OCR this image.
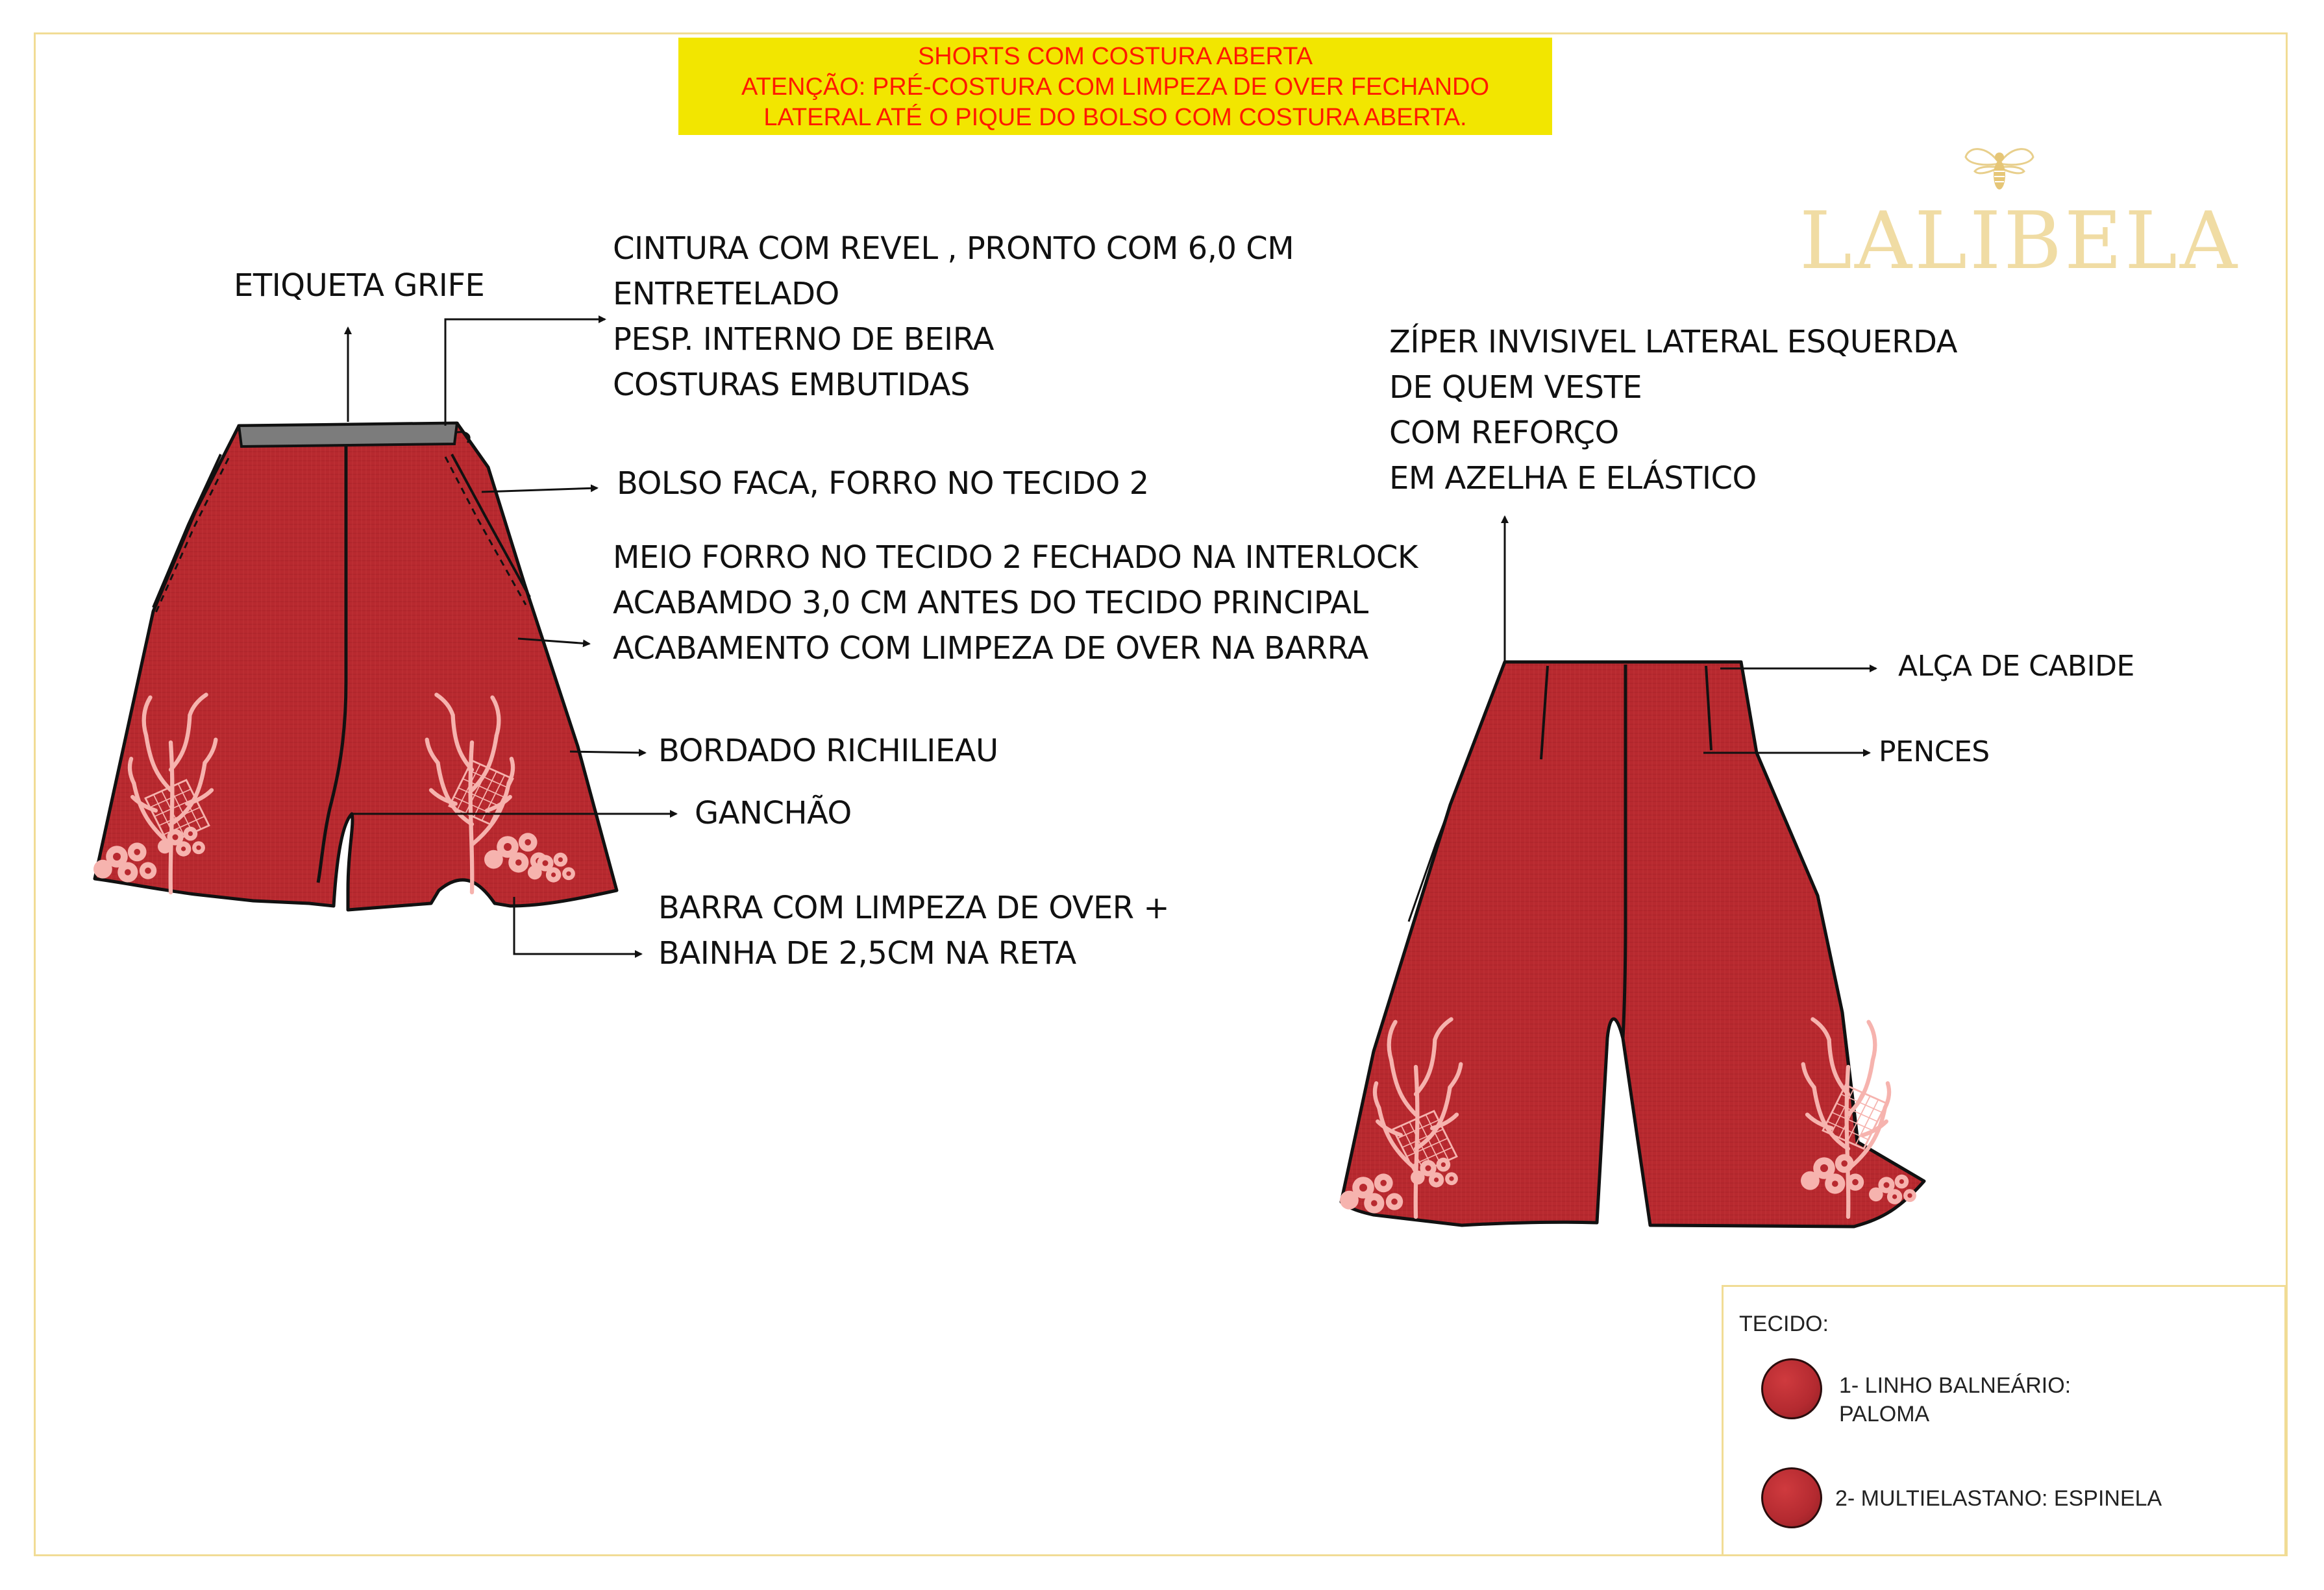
SHORTS COM COSTURA ABERTA
ATENÇÃO: PRÉ-COSTURA COM LIMPEZA DE OVER FECHANDO
LATERAL ATÉ O PIQUE DO BOLSO COM COSTURA ABERTA.
LALIBELA
ETIQUETA GRIFE
CINTURA COM REVEL , PRONTO COM 6,0 CM
ENTRETELADO
PESP. INTERNO DE BEIRA
COSTURAS EMBUTIDAS
BOLSO FACA, FORRO NO TECIDO 2
MEIO FORRO NO TECIDO 2 FECHADO NA INTERLOCK
ACABAMDO 3,0 CM ANTES DO TECIDO PRINCIPAL
ACABAMENTO COM LIMPEZA DE OVER NA BARRA
BORDADO RICHILIEAU
GANCHÃO
BARRA COM LIMPEZA DE OVER +
BAINHA DE 2,5CM NA RETA
ZÍPER INVISIVEL LATERAL ESQUERDA
DE QUEM VESTE
COM REFORÇO
EM AZELHA E ELÁSTICO
ALÇA DE CABIDE
PENCES
TECIDO:
1- LINHO BALNEÁRIO:
PALOMA
2- MULTIELASTANO: ESPINELA
